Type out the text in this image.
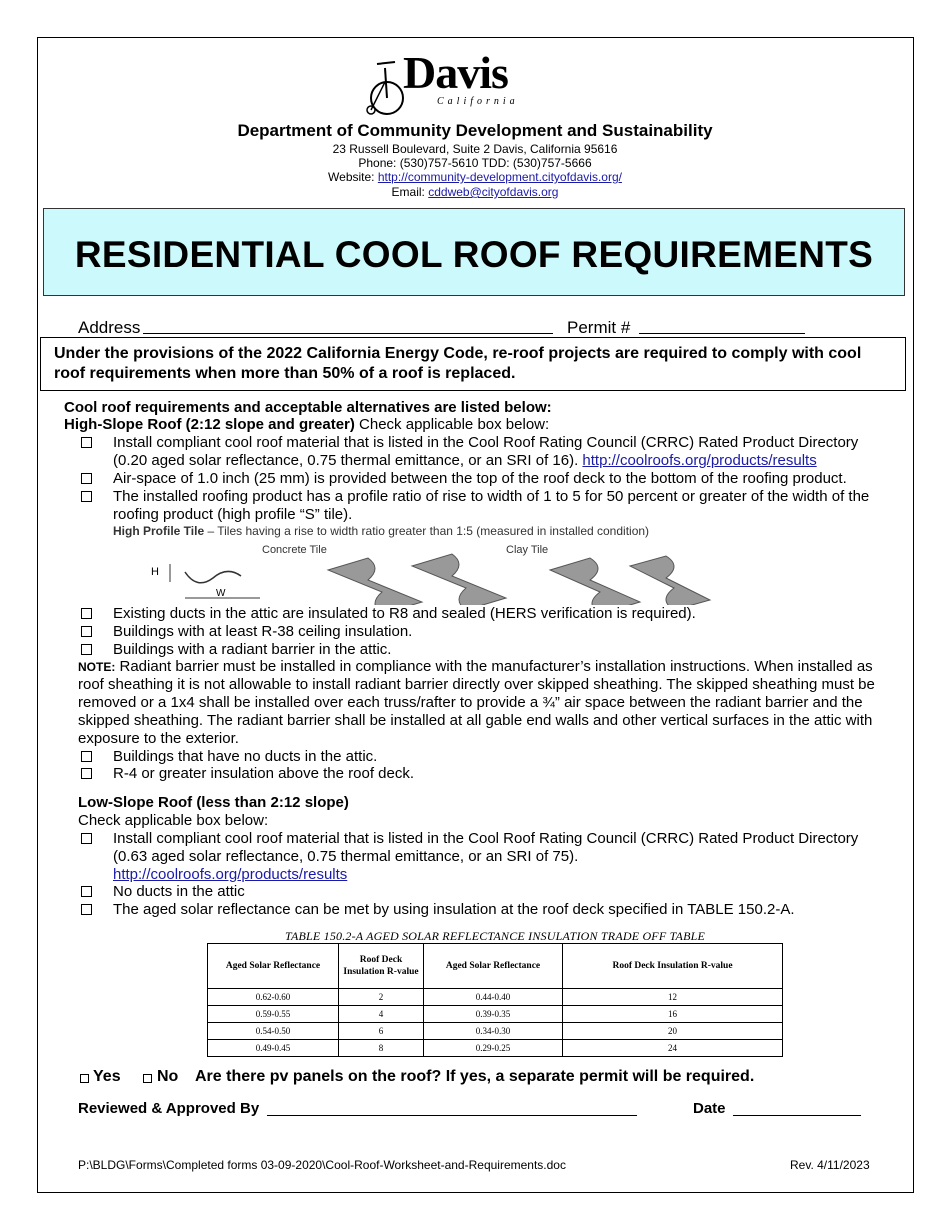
Davis
California
Department of Community Development and Sustainability
23 Russell Boulevard, Suite 2 Davis, California 95616
Phone: (530)757-5610 TDD: (530)757-5666
Website: http://community-development.cityofdavis.org/
Email: cddweb@cityofdavis.org
RESIDENTIAL COOL ROOF REQUIREMENTS
Address	Permit #
Under the provisions of the 2022 California Energy Code, re-roof projects are required to comply with cool roof requirements when more than 50% of a roof is replaced.
Cool roof requirements and acceptable alternatives are listed below:
High-Slope Roof (2:12 slope and greater) Check applicable box below:
Install compliant cool roof material that is listed in the Cool Roof Rating Council (CRRC) Rated Product Directory
(0.20 aged solar reflectance, 0.75 thermal emittance, or an SRI of 16). http://coolroofs.org/products/results
Air-space of 1.0 inch (25 mm) is provided between the top of the roof deck to the bottom of the roofing product.
The installed roofing product has a profile ratio of rise to width of 1 to 5 for 50 percent or greater of the width of the
roofing product (high profile “S” tile).
High Profile Tile – Tiles having a rise to width ratio greater than 1:5 (measured in installed condition)
Concrete Tile	Clay Tile
H
W
Existing ducts in the attic are insulated to R8 and sealed (HERS verification is required).
Buildings with at least R-38 ceiling insulation.
Buildings with a radiant barrier in the attic.
NOTE: Radiant barrier must be installed in compliance with the manufacturer’s installation instructions. When installed as
roof sheathing it is not allowable to install radiant barrier directly over skipped sheathing. The skipped sheathing must be
removed or a 1x4 shall be installed over each truss/rafter to provide a ¾” air space between the radiant barrier and the
skipped sheathing. The radiant barrier shall be installed at all gable end walls and other vertical surfaces in the attic with
exposure to the exterior.
Buildings that have no ducts in the attic.
R-4 or greater insulation above the roof deck.
Low-Slope Roof (less than 2:12 slope)
Check applicable box below:
Install compliant cool roof material that is listed in the Cool Roof Rating Council (CRRC) Rated Product Directory
(0.63 aged solar reflectance, 0.75 thermal emittance, or an SRI of 75).
http://coolroofs.org/products/results
No ducts in the attic
The aged solar reflectance can be met by using insulation at the roof deck specified in TABLE 150.2-A.
TABLE 150.2-A AGED SOLAR REFLECTANCE INSULATION TRADE OFF TABLE
Aged Solar Reflectance	Roof Deck Insulation R-value	Aged Solar Reflectance	Roof Deck Insulation R-value
0.62-0.60	2	0.44-0.40	12
0.59-0.55	4	0.39-0.35	16
0.54-0.50	6	0.34-0.30	20
0.49-0.45	8	0.29-0.25	24
Yes No Are there pv panels on the roof? If yes, a separate permit will be required.
Reviewed & Approved By	Date
P:\BLDG\Forms\Completed forms 03-09-2020\Cool-Roof-Worksheet-and-Requirements.doc	Rev. 4/11/2023
